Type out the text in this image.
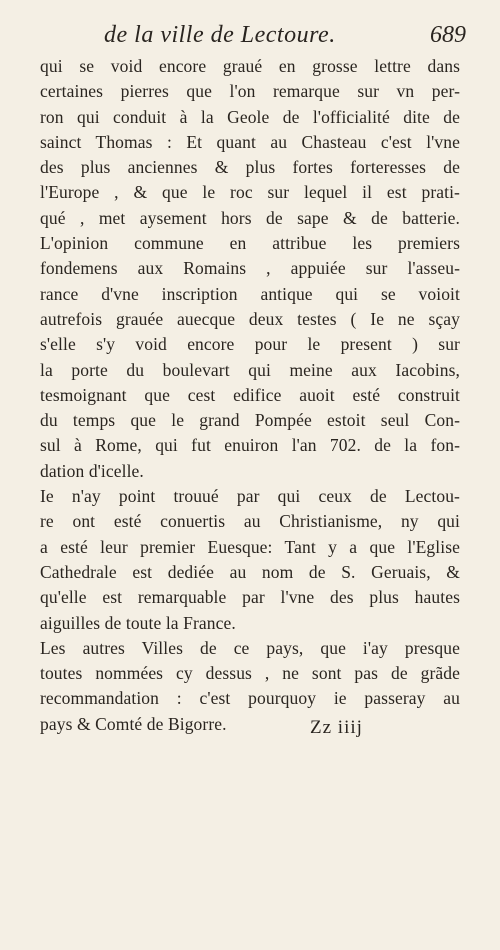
de la ville de Lectoure.	689
qui se void encore graué en grosse lettre dans
certaines pierres que l'on remarque sur vn per-
ron qui conduit à la Geole de l'officialité dite de
sainct Thomas : Et quant au Chasteau c'est l'vne
des plus anciennes & plus fortes forteresses de
l'Europe , & que le roc sur lequel il est prati-
qué , met aysement hors de sape & de batterie.
L'opinion commune en attribue les premiers
fondemens aux Romains , appuiée sur l'asseu-
rance d'vne inscription antique qui se voioit
autrefois grauée auecque deux testes ( Ie ne sçay
s'elle s'y void encore pour le present ) sur
la porte du boulevart qui meine aux Iacobins,
tesmoignant que cest edifice auoit esté construit
du temps que le grand Pompée estoit seul Con-
sul à Rome, qui fut enuiron l'an 702. de la fon-
dation d'icelle.
Ie n'ay point trouué par qui ceux de Lectou-
re ont esté conuertis au Christianisme, ny qui
a esté leur premier Euesque: Tant y a que l'Eglise
Cathedrale est dediée au nom de S. Geruais, &
qu'elle est remarquable par l'vne des plus hautes
aiguilles de toute la France.
Les autres Villes de ce pays, que i'ay presque
toutes nommées cy dessus , ne sont pas de grãde
recommandation : c'est pourquoy ie passeray au
pays & Comté de Bigorre.	Zz iiij
